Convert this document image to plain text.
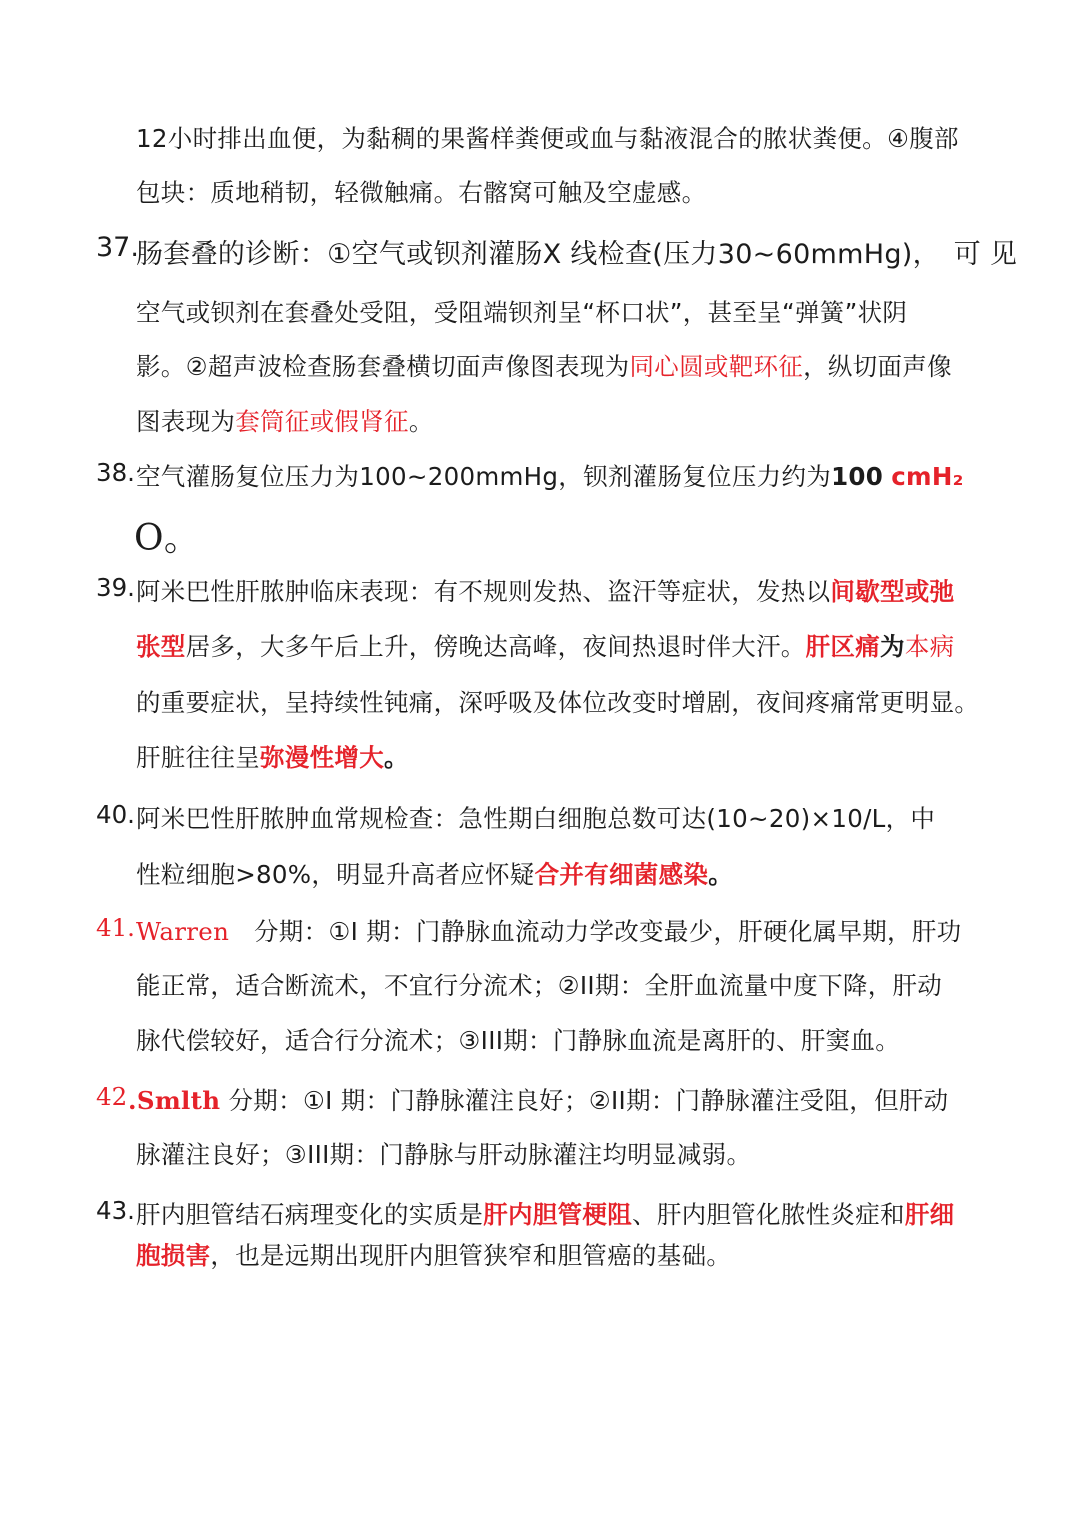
12小时排出血便，为黏稠的果酱样粪便或血与黏液混合的脓状粪便。④腹部
包块：质地稍韧，轻微触痛。右髂窝可触及空虚感。
37.
肠套叠的诊断：①空气或钡剂灌肠X 线检查(压力30~60mmHg)，　可 见
空气或钡剂在套叠处受阻，受阻端钡剂呈“杯口状”，甚至呈“弹簧”状阴
影。②超声波检查肠套叠横切面声像图表现为同心圆或靶环征，纵切面声像
图表现为套筒征或假肾征。
38. 空气灌肠复位压力为100~200mmHg，钡剂灌肠复位压力约为100 cmH₂
O。
39. 阿米巴性肝脓肿临床表现：有不规则发热、盗汗等症状，发热以间歇型或弛
张型居多，大多午后上升，傍晚达高峰，夜间热退时伴大汗。肝区痛为本病
的重要症状，呈持续性钝痛，深呼吸及体位改变时增剧，夜间疼痛常更明显。
肝脏往往呈弥漫性增大。
40. 阿米巴性肝脓肿血常规检查：急性期白细胞总数可达(10~20)×10/L，中
性粒细胞>80%，明显升高者应怀疑合并有细菌感染。
41. Warren　 分期：①I 期：门静脉血流动力学改变最少，肝硬化属早期，肝功
能正常，适合断流术，不宜行分流术；②II期：全肝血流量中度下降，肝动
脉代偿较好，适合行分流术；③III期：门静脉血流是离肝的、肝窦血。
42 .Smlth 分期：①I 期：门静脉灌注良好；②II期：门静脉灌注受阻，但肝动
脉灌注良好；③III期：门静脉与肝动脉灌注均明显减弱。
43. 肝内胆管结石病理变化的实质是肝内胆管梗阻、肝内胆管化脓性炎症和肝细
胞损害，也是远期出现肝内胆管狭窄和胆管癌的基础。
